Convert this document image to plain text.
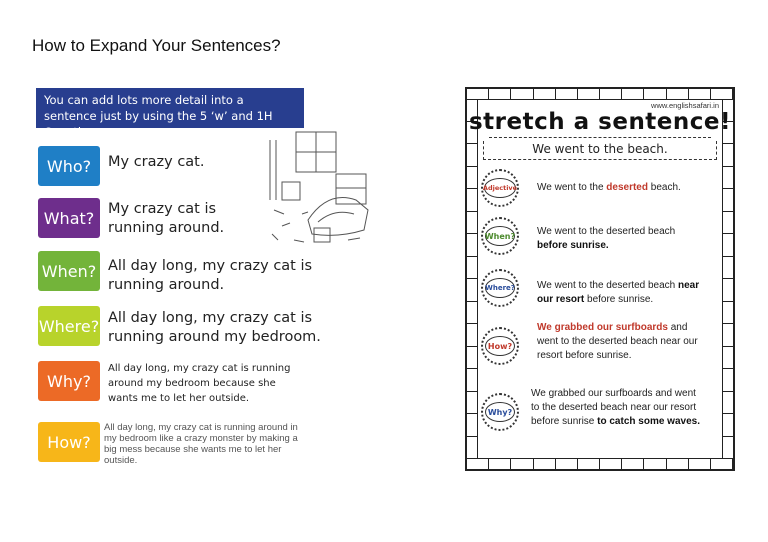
How to Expand Your Sentences?
You can add lots more detail into a sentence just by using the 5 ‘w’ and 1H Questions.
Who?	My crazy cat.
What? My crazy cat is running around.
When? All day long, my crazy cat is running around.
Where? All day long, my crazy cat is running around my bedroom.
Why?
All day long, my crazy cat is running around my bedroom because she wants me to let her outside.
How?
All day long, my crazy cat is running around in my bedroom like a crazy monster by making a big mess because she wants me to let her outside.
www.englishsafari.in
stretch a sentence!
We went to the beach.
Adjective We went to the deserted beach.
When? We went to the deserted beach before sunrise.
Where? We went to the deserted beach near our resort before sunrise.
How?
We grabbed our surfboards and went to the deserted beach near our resort before sunrise.
Why?
We grabbed our surfboards and went to the deserted beach near our resort before sunrise to catch some waves.
